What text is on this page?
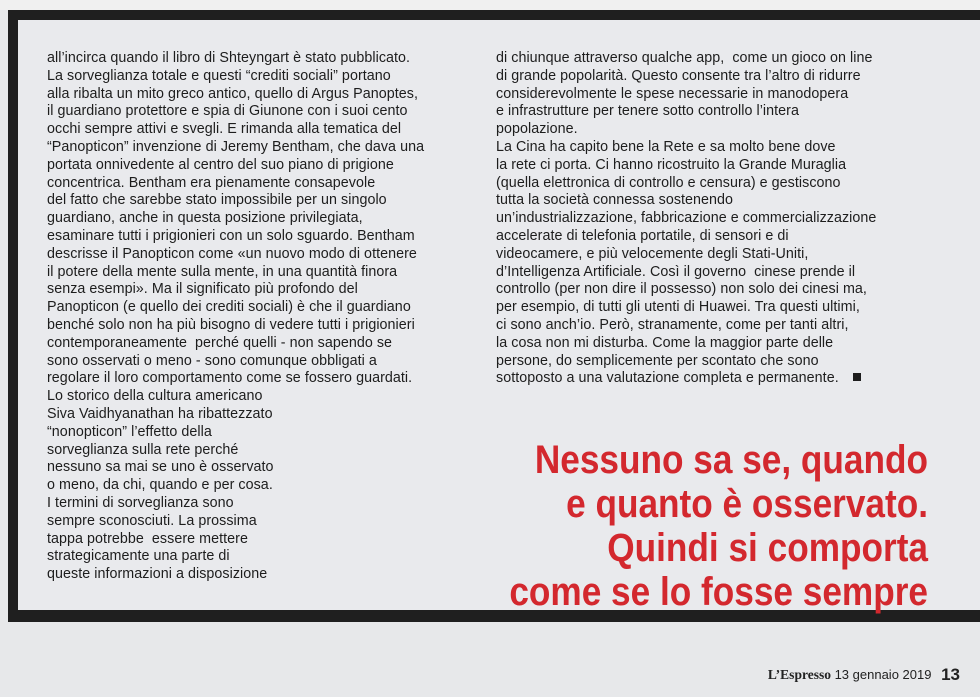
all’incirca quando il libro di Shteyngart è stato pubblicato.

La sorveglianza totale e questi “crediti sociali” portano

alla ribalta un mito greco antico, quello di Argus Panoptes,

il guardiano protettore e spia di Giunone con i suoi cento

occhi sempre attivi e svegli. E rimanda alla tematica del

“Panopticon” invenzione di Jeremy Bentham, che dava una

portata onnivedente al centro del suo piano di prigione

concentrica. Bentham era pienamente consapevole

del fatto che sarebbe stato impossibile per un singolo

guardiano, anche in questa posizione privilegiata,

esaminare tutti i prigionieri con un solo sguardo. Bentham

descrisse il Panopticon come «un nuovo modo di ottenere

il potere della mente sulla mente, in una quantità finora

senza esempi». Ma il significato più profondo del

Panopticon (e quello dei crediti sociali) è che il guardiano

benché solo non ha più bisogno di vedere tutti i prigionieri

contemporaneamente  perché quelli - non sapendo se

sono osservati o meno - sono comunque obbligati a

regolare il loro comportamento come se fossero guardati.

Lo storico della cultura americano

Siva Vaidhyanathan ha ribattezzato

“nonopticon” l’effetto della

sorveglianza sulla rete perché

nessuno sa mai se uno è osservato

o meno, da chi, quando e per cosa.

I termini di sorveglianza sono

sempre sconosciuti. La prossima

tappa potrebbe  essere mettere

strategicamente una parte di

queste informazioni a disposizione

di chiunque attraverso qualche app,  come un gioco on line

di grande popolarità. Questo consente tra l’altro di ridurre

considerevolmente le spese necessarie in manodopera

e infrastrutture per tenere sotto controllo l’intera

popolazione.

La Cina ha capito bene la Rete e sa molto bene dove

la rete ci porta. Ci hanno ricostruito la Grande Muraglia

(quella elettronica di controllo e censura) e gestiscono

tutta la società connessa sostenendo

un’industrializzazione, fabbricazione e commercializzazione

accelerate di telefonia portatile, di sensori e di

videocamere, e più velocemente degli Stati-Uniti,

d’Intelligenza Artificiale. Così il governo  cinese prende il

controllo (per non dire il possesso) non solo dei cinesi ma,

per esempio, di tutti gli utenti di Huawei. Tra questi ultimi,

ci sono anch’io. Però, stranamente, come per tanti altri,

la cosa non mi disturba. Come la maggior parte delle

persone, do semplicemente per scontato che sono

sottoposto a una valutazione completa e permanente.

Nessuno sa se, quando
e quanto è osservato.
Quindi si comporta
come se lo fosse sempre
L’Espresso 13 gennaio 2019 13
